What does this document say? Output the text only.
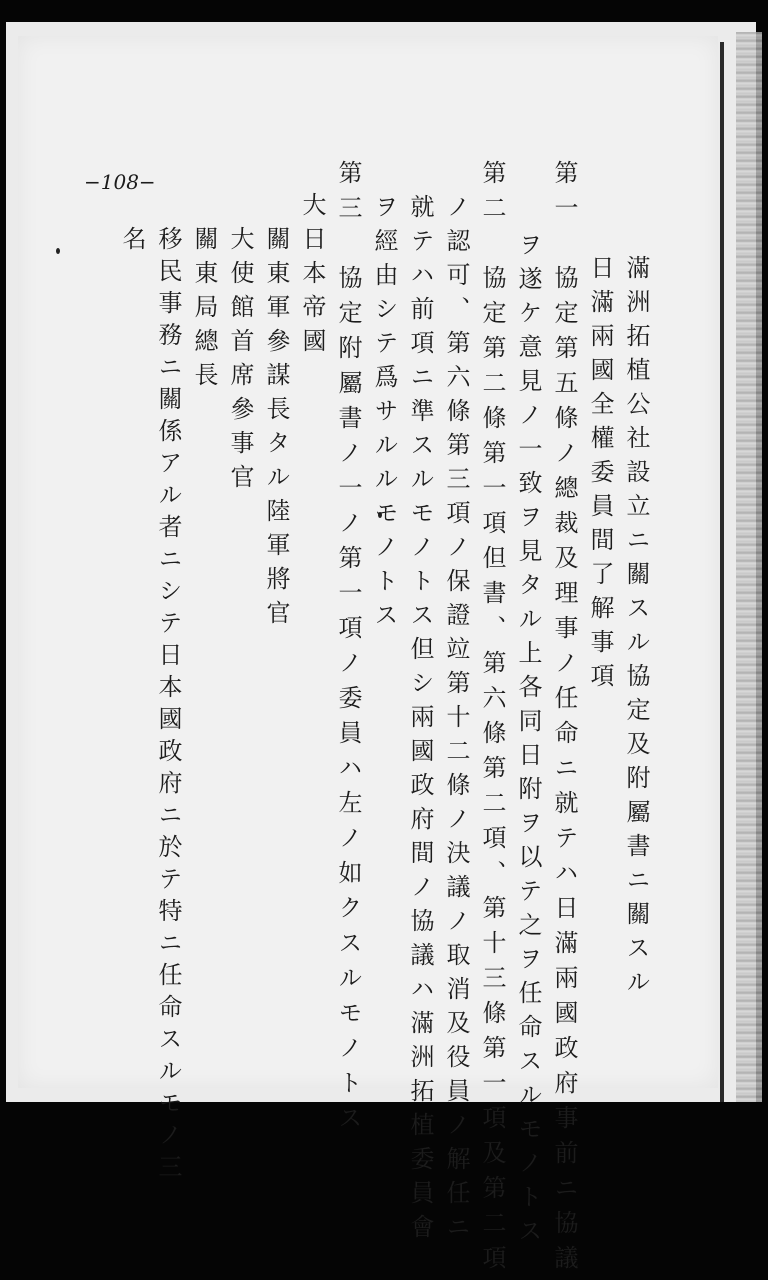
−108−
滿洲拓植公社設立ニ關スル協定及附屬書ニ關スル
日滿兩國全權委員間了解事項
第一　協定第五條ノ總裁及理事ノ任命ニ就テハ日滿兩國政府事前ニ協議
ヲ遂ケ意見ノ一致ヲ見タル上各同日附ヲ以テ之ヲ任命スルモノトス
第二　協定第二條第一項但書、第六條第二項、第十三條第一項及第二項
ノ認可、第六條第三項ノ保證竝第十二條ノ決議ノ取消及役員ノ解任ニ
就テハ前項ニ準スルモノトス但シ兩國政府間ノ協議ハ滿洲拓植委員會
ヲ經由シテ爲サルルモノトス
第三　協定附屬書ノ一ノ第一項ノ委員ハ左ノ如クスルモノトス
大日本帝國
關東軍參謀長タル陸軍將官
大使館首席參事官
關東局總長
移民事務ニ關係アル者ニシテ日本國政府ニ於テ特ニ任命スルモノ三
名
